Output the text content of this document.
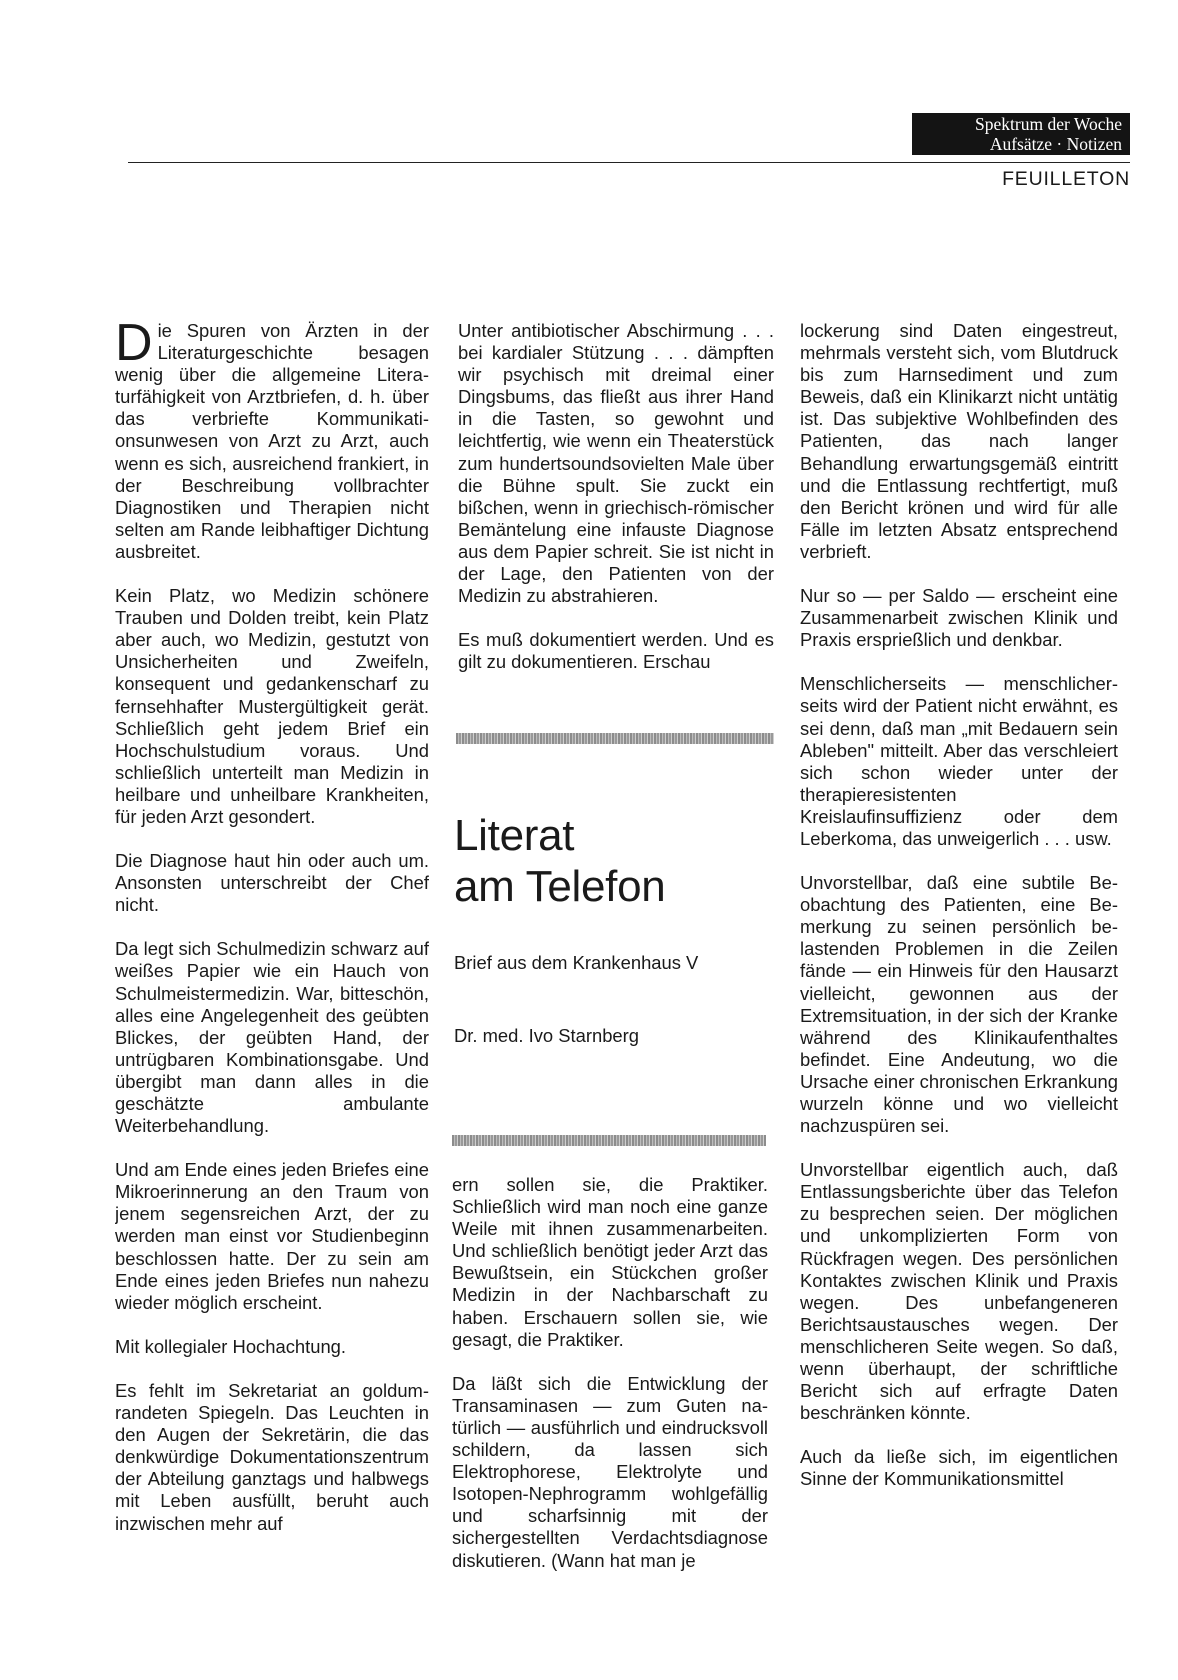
Spektrum der Woche
Aufsätze · Notizen
FEUILLETON

Die Spuren von Ärzten in der Literaturgeschichte besagen wenig über die allgemeine Literaturfähigkeit von Arztbriefen, d. h. über das verbriefte Kommunikationsunwesen von Arzt zu Arzt, auch wenn es sich, ausreichend frankiert, in der Beschreibung vollbrachter Diagnostiken und Therapien nicht selten am Rande leibhaftiger Dichtung ausbreitet.

Kein Platz, wo Medizin schönere Trauben und Dolden treibt, kein Platz aber auch, wo Medizin, gestutzt von Unsicherheiten und Zweifeln, konsequent und gedankenscharf zu fernsehhafter Mustergültigkeit gerät. Schließlich geht jedem Brief ein Hochschulstudium voraus. Und schließlich unterteilt man Medizin in heilbare und unheilbare Krankheiten, für jeden Arzt gesondert.

Die Diagnose haut hin oder auch um. Ansonsten unterschreibt der Chef nicht.

Da legt sich Schulmedizin schwarz auf weißes Papier wie ein Hauch von Schulmeistermedizin. War, bitteschön, alles eine Angelegenheit des geübten Blickes, der geübten Hand, der untrügbaren Kombinationsgabe. Und übergibt man dann alles in die geschätzte ambulante Weiterbehandlung.

Und am Ende eines jeden Briefes eine Mikroerinnerung an den Traum von jenem segensreichen Arzt, der zu werden man einst vor Studienbeginn beschlossen hatte. Der zu sein am Ende eines jeden Briefes nun nahezu wieder möglich erscheint.

Mit kollegialer Hochachtung.

Es fehlt im Sekretariat an goldumrandeten Spiegeln. Das Leuchten in den Augen der Sekretärin, die das denkwürdige Dokumentationszentrum der Abteilung ganztags und halbwegs mit Leben ausfüllt, beruht auch inzwischen mehr auf

Unter antibiotischer Abschirmung . . . bei kardialer Stützung . . . dämpften wir psychisch mit dreimal einer Dingsbums, das fließt aus ihrer Hand in die Tasten, so gewohnt und leichtfertig, wie wenn ein Theaterstück zum hundertsoundsovielten Male über die Bühne spult. Sie zuckt ein bißchen, wenn in griechisch-römischer Bemäntelung eine infauste Diagnose aus dem Papier schreit. Sie ist nicht in der Lage, den Patienten von der Medizin zu abstrahieren.

Es muß dokumentiert werden. Und es gilt zu dokumentieren. Erschau

Literat
am Telefon
Brief aus dem Krankenhaus V
Dr. med. Ivo Starnberg

ern sollen sie, die Praktiker. Schließlich wird man noch eine ganze Weile mit ihnen zusammenarbeiten. Und schließlich benötigt jeder Arzt das Bewußtsein, ein Stückchen großer Medizin in der Nachbarschaft zu haben. Erschauern sollen sie, wie gesagt, die Praktiker.

Da läßt sich die Entwicklung der Transaminasen — zum Guten natürlich — ausführlich und eindrucksvoll schildern, da lassen sich Elektrophorese, Elektrolyte und Isotopen-Nephrogramm wohlgefällig und scharfsinnig mit der sichergestellten Verdachtsdiagnose diskutieren. (Wann hat man je

lockerung sind Daten eingestreut, mehrmals versteht sich, vom Blutdruck bis zum Harnsediment und zum Beweis, daß ein Klinikarzt nicht untätig ist. Das subjektive Wohlbefinden des Patienten, das nach langer Behandlung erwartungsgemäß eintritt und die Entlassung rechtfertigt, muß den Bericht krönen und wird für alle Fälle im letzten Absatz entsprechend verbrieft.

Nur so — per Saldo — erscheint eine Zusammenarbeit zwischen Klinik und Praxis ersprießlich und denkbar.

Menschlicherseits — menschlicherseits wird der Patient nicht erwähnt, es sei denn, daß man „mit Bedauern sein Ableben" mitteilt. Aber das verschleiert sich schon wieder unter der therapieresistenten Kreislaufinsuffizienz oder dem Leberkoma, das unweigerlich . . . usw.

Unvorstellbar, daß eine subtile Beobachtung des Patienten, eine Bemerkung zu seinen persönlich belastenden Problemen in die Zeilen fände — ein Hinweis für den Hausarzt vielleicht, gewonnen aus der Extremsituation, in der sich der Kranke während des Klinikaufenthaltes befindet. Eine Andeutung, wo die Ursache einer chronischen Erkrankung wurzeln könne und wo vielleicht nachzuspüren sei.

Unvorstellbar eigentlich auch, daß Entlassungsberichte über das Telefon zu besprechen seien. Der möglichen und unkomplizierten Form von Rückfragen wegen. Des persönlichen Kontaktes zwischen Klinik und Praxis wegen. Des unbefangeneren Berichtsaustausches wegen. Der menschlicheren Seite wegen. So daß, wenn überhaupt, der schriftliche Bericht sich auf erfragte Daten beschränken könnte.

Auch da ließe sich, im eigentlichen Sinne der Kommunikationsmittel
